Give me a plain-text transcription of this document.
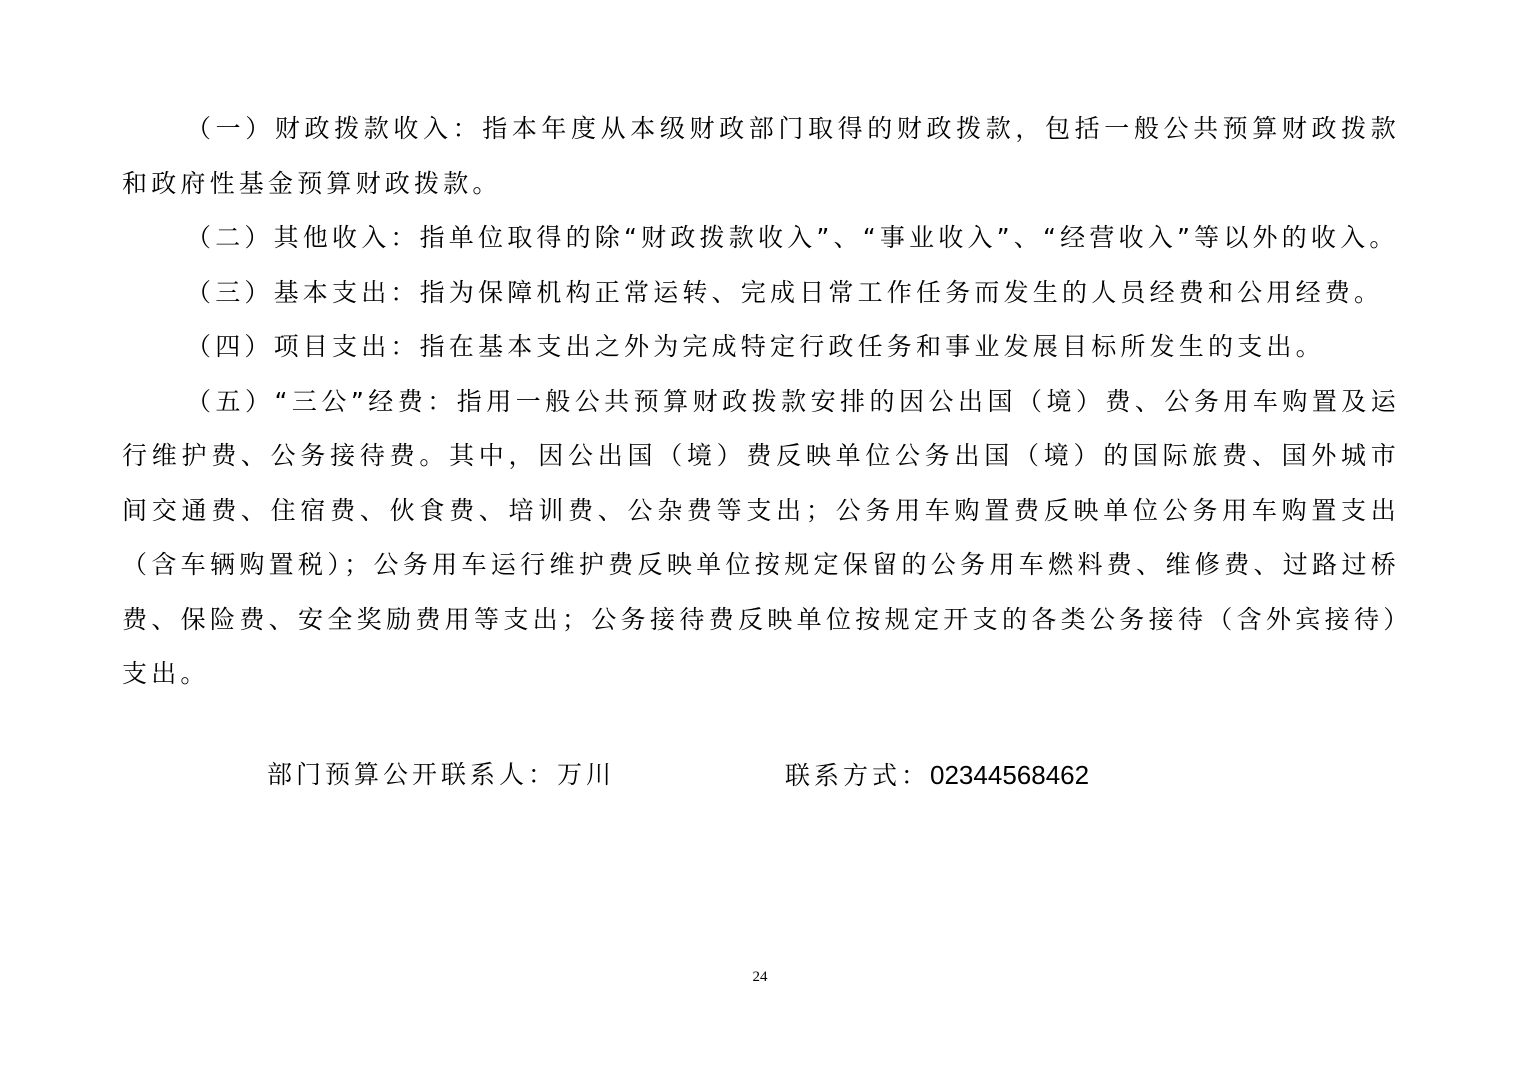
（一）财政拨款收入：指本年度从本级财政部门取得的财政拨款，包括一般公共预算财政拨款和政府性基金预算财政拨款。

（二）其他收入：指单位取得的除“财政拨款收入”、“事业收入”、“经营收入”等以外的收入。

（三）基本支出：指为保障机构正常运转、完成日常工作任务而发生的人员经费和公用经费。

（四）项目支出：指在基本支出之外为完成特定行政任务和事业发展目标所发生的支出。

（五）“三公”经费：指用一般公共预算财政拨款安排的因公出国（境）费、公务用车购置及运行维护费、公务接待费。其中，因公出国（境）费反映单位公务出国（境）的国际旅费、国外城市间交通费、住宿费、伙食费、培训费、公杂费等支出；公务用车购置费反映单位公务用车购置支出（含车辆购置税）；公务用车运行维护费反映单位按规定保留的公务用车燃料费、维修费、过路过桥费、保险费、安全奖励费用等支出；公务接待费反映单位按规定开支的各类公务接待（含外宾接待）支出。

部门预算公开联系人：万川	联系方式：02344568462
24
